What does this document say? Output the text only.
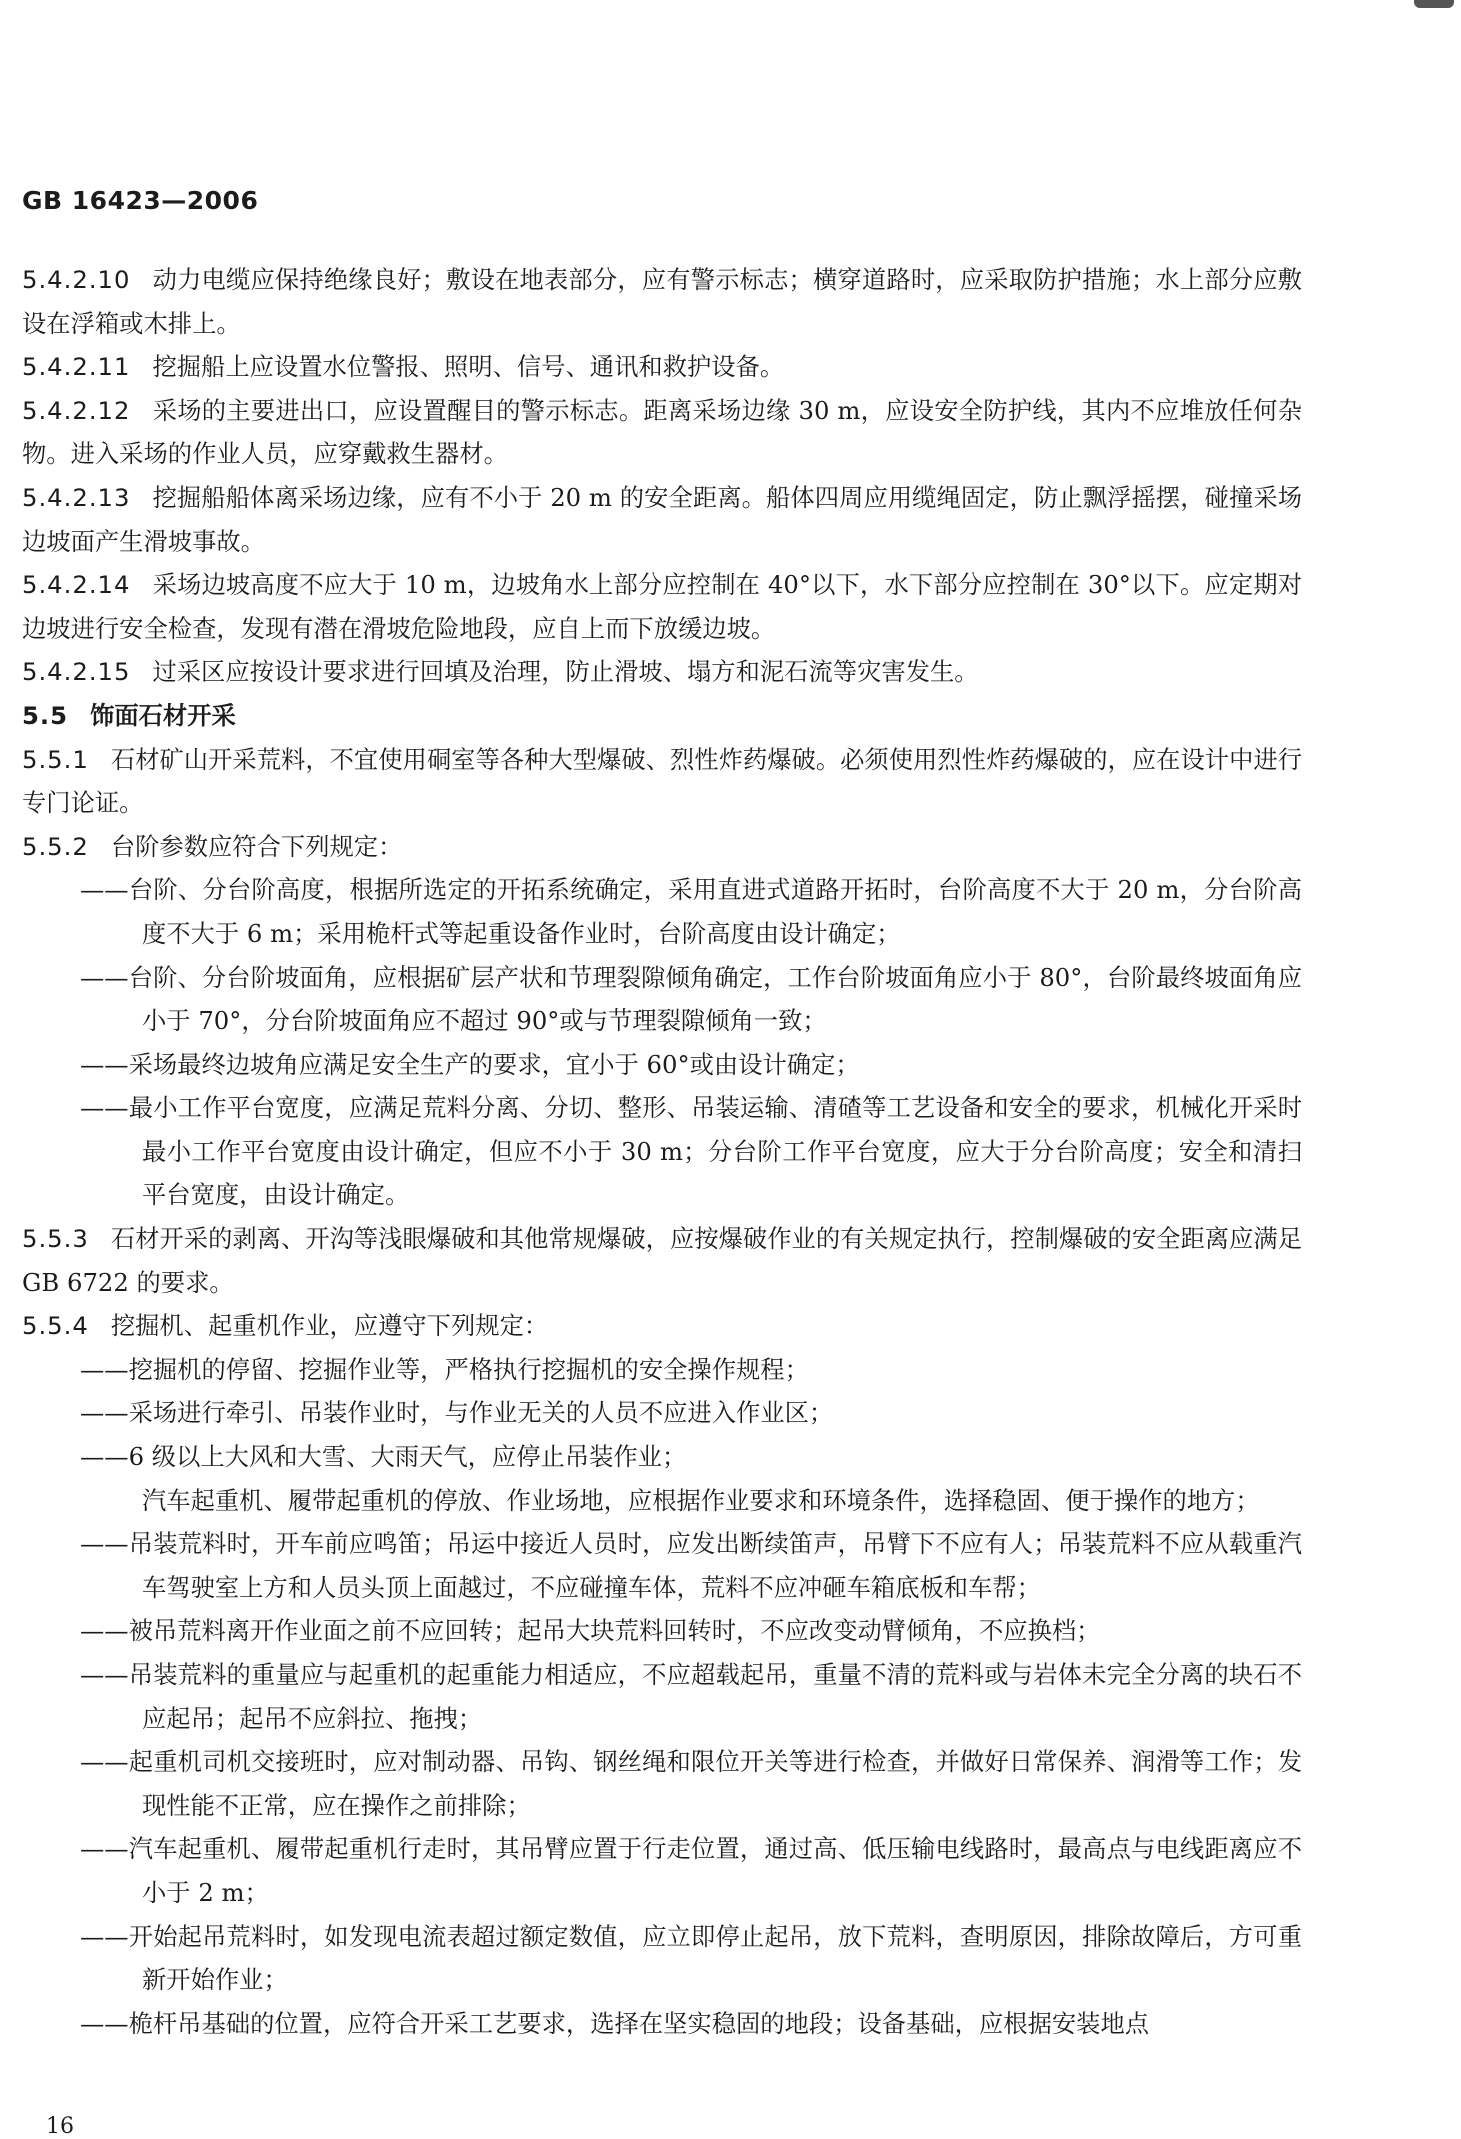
GB 16423—2006

5.4.2.10 动力电缆应保持绝缘良好；敷设在地表部分，应有警示标志；横穿道路时，应采取防护措施；水上部分应敷设在浮箱或木排上。

5.4.2.11 挖掘船上应设置水位警报、照明、信号、通讯和救护设备。

5.4.2.12 采场的主要进出口，应设置醒目的警示标志。距离采场边缘 30 m，应设安全防护线，其内不应堆放任何杂物。进入采场的作业人员，应穿戴救生器材。

5.4.2.13 挖掘船船体离采场边缘，应有不小于 20 m 的安全距离。船体四周应用缆绳固定，防止飘浮摇摆，碰撞采场边坡面产生滑坡事故。

5.4.2.14 采场边坡高度不应大于 10 m，边坡角水上部分应控制在 40°以下，水下部分应控制在 30°以下。应定期对边坡进行安全检查，发现有潜在滑坡危险地段，应自上而下放缓边坡。

5.4.2.15 过采区应按设计要求进行回填及治理，防止滑坡、塌方和泥石流等灾害发生。

5.5 饰面石材开采

5.5.1 石材矿山开采荒料，不宜使用硐室等各种大型爆破、烈性炸药爆破。必须使用烈性炸药爆破的，应在设计中进行专门论证。

5.5.2 台阶参数应符合下列规定：

——台阶、分台阶高度，根据所选定的开拓系统确定，采用直进式道路开拓时，台阶高度不大于 20 m，分台阶高度不大于 6 m；采用桅杆式等起重设备作业时，台阶高度由设计确定；

——台阶、分台阶坡面角，应根据矿层产状和节理裂隙倾角确定，工作台阶坡面角应小于 80°，台阶最终坡面角应小于 70°，分台阶坡面角应不超过 90°或与节理裂隙倾角一致；

——采场最终边坡角应满足安全生产的要求，宜小于 60°或由设计确定；

——最小工作平台宽度，应满足荒料分离、分切、整形、吊装运输、清碴等工艺设备和安全的要求，机械化开采时最小工作平台宽度由设计确定，但应不小于 30 m；分台阶工作平台宽度，应大于分台阶高度；安全和清扫平台宽度，由设计确定。

5.5.3 石材开采的剥离、开沟等浅眼爆破和其他常规爆破，应按爆破作业的有关规定执行，控制爆破的安全距离应满足 GB 6722 的要求。

5.5.4 挖掘机、起重机作业，应遵守下列规定：

——挖掘机的停留、挖掘作业等，严格执行挖掘机的安全操作规程；

——采场进行牵引、吊装作业时，与作业无关的人员不应进入作业区；

——6 级以上大风和大雪、大雨天气，应停止吊装作业；

汽车起重机、履带起重机的停放、作业场地，应根据作业要求和环境条件，选择稳固、便于操作的地方；

——吊装荒料时，开车前应鸣笛；吊运中接近人员时，应发出断续笛声，吊臂下不应有人；吊装荒料不应从载重汽车驾驶室上方和人员头顶上面越过，不应碰撞车体，荒料不应冲砸车箱底板和车帮；

——被吊荒料离开作业面之前不应回转；起吊大块荒料回转时，不应改变动臂倾角，不应换档；

——吊装荒料的重量应与起重机的起重能力相适应，不应超载起吊，重量不清的荒料或与岩体未完全分离的块石不应起吊；起吊不应斜拉、拖拽；

——起重机司机交接班时，应对制动器、吊钩、钢丝绳和限位开关等进行检查，并做好日常保养、润滑等工作；发现性能不正常，应在操作之前排除；

——汽车起重机、履带起重机行走时，其吊臂应置于行走位置，通过高、低压输电线路时，最高点与电线距离应不小于 2 m；

——开始起吊荒料时，如发现电流表超过额定数值，应立即停止起吊，放下荒料，查明原因，排除故障后，方可重新开始作业；

——桅杆吊基础的位置，应符合开采工艺要求，选择在坚实稳固的地段；设备基础，应根据安装地点

16
